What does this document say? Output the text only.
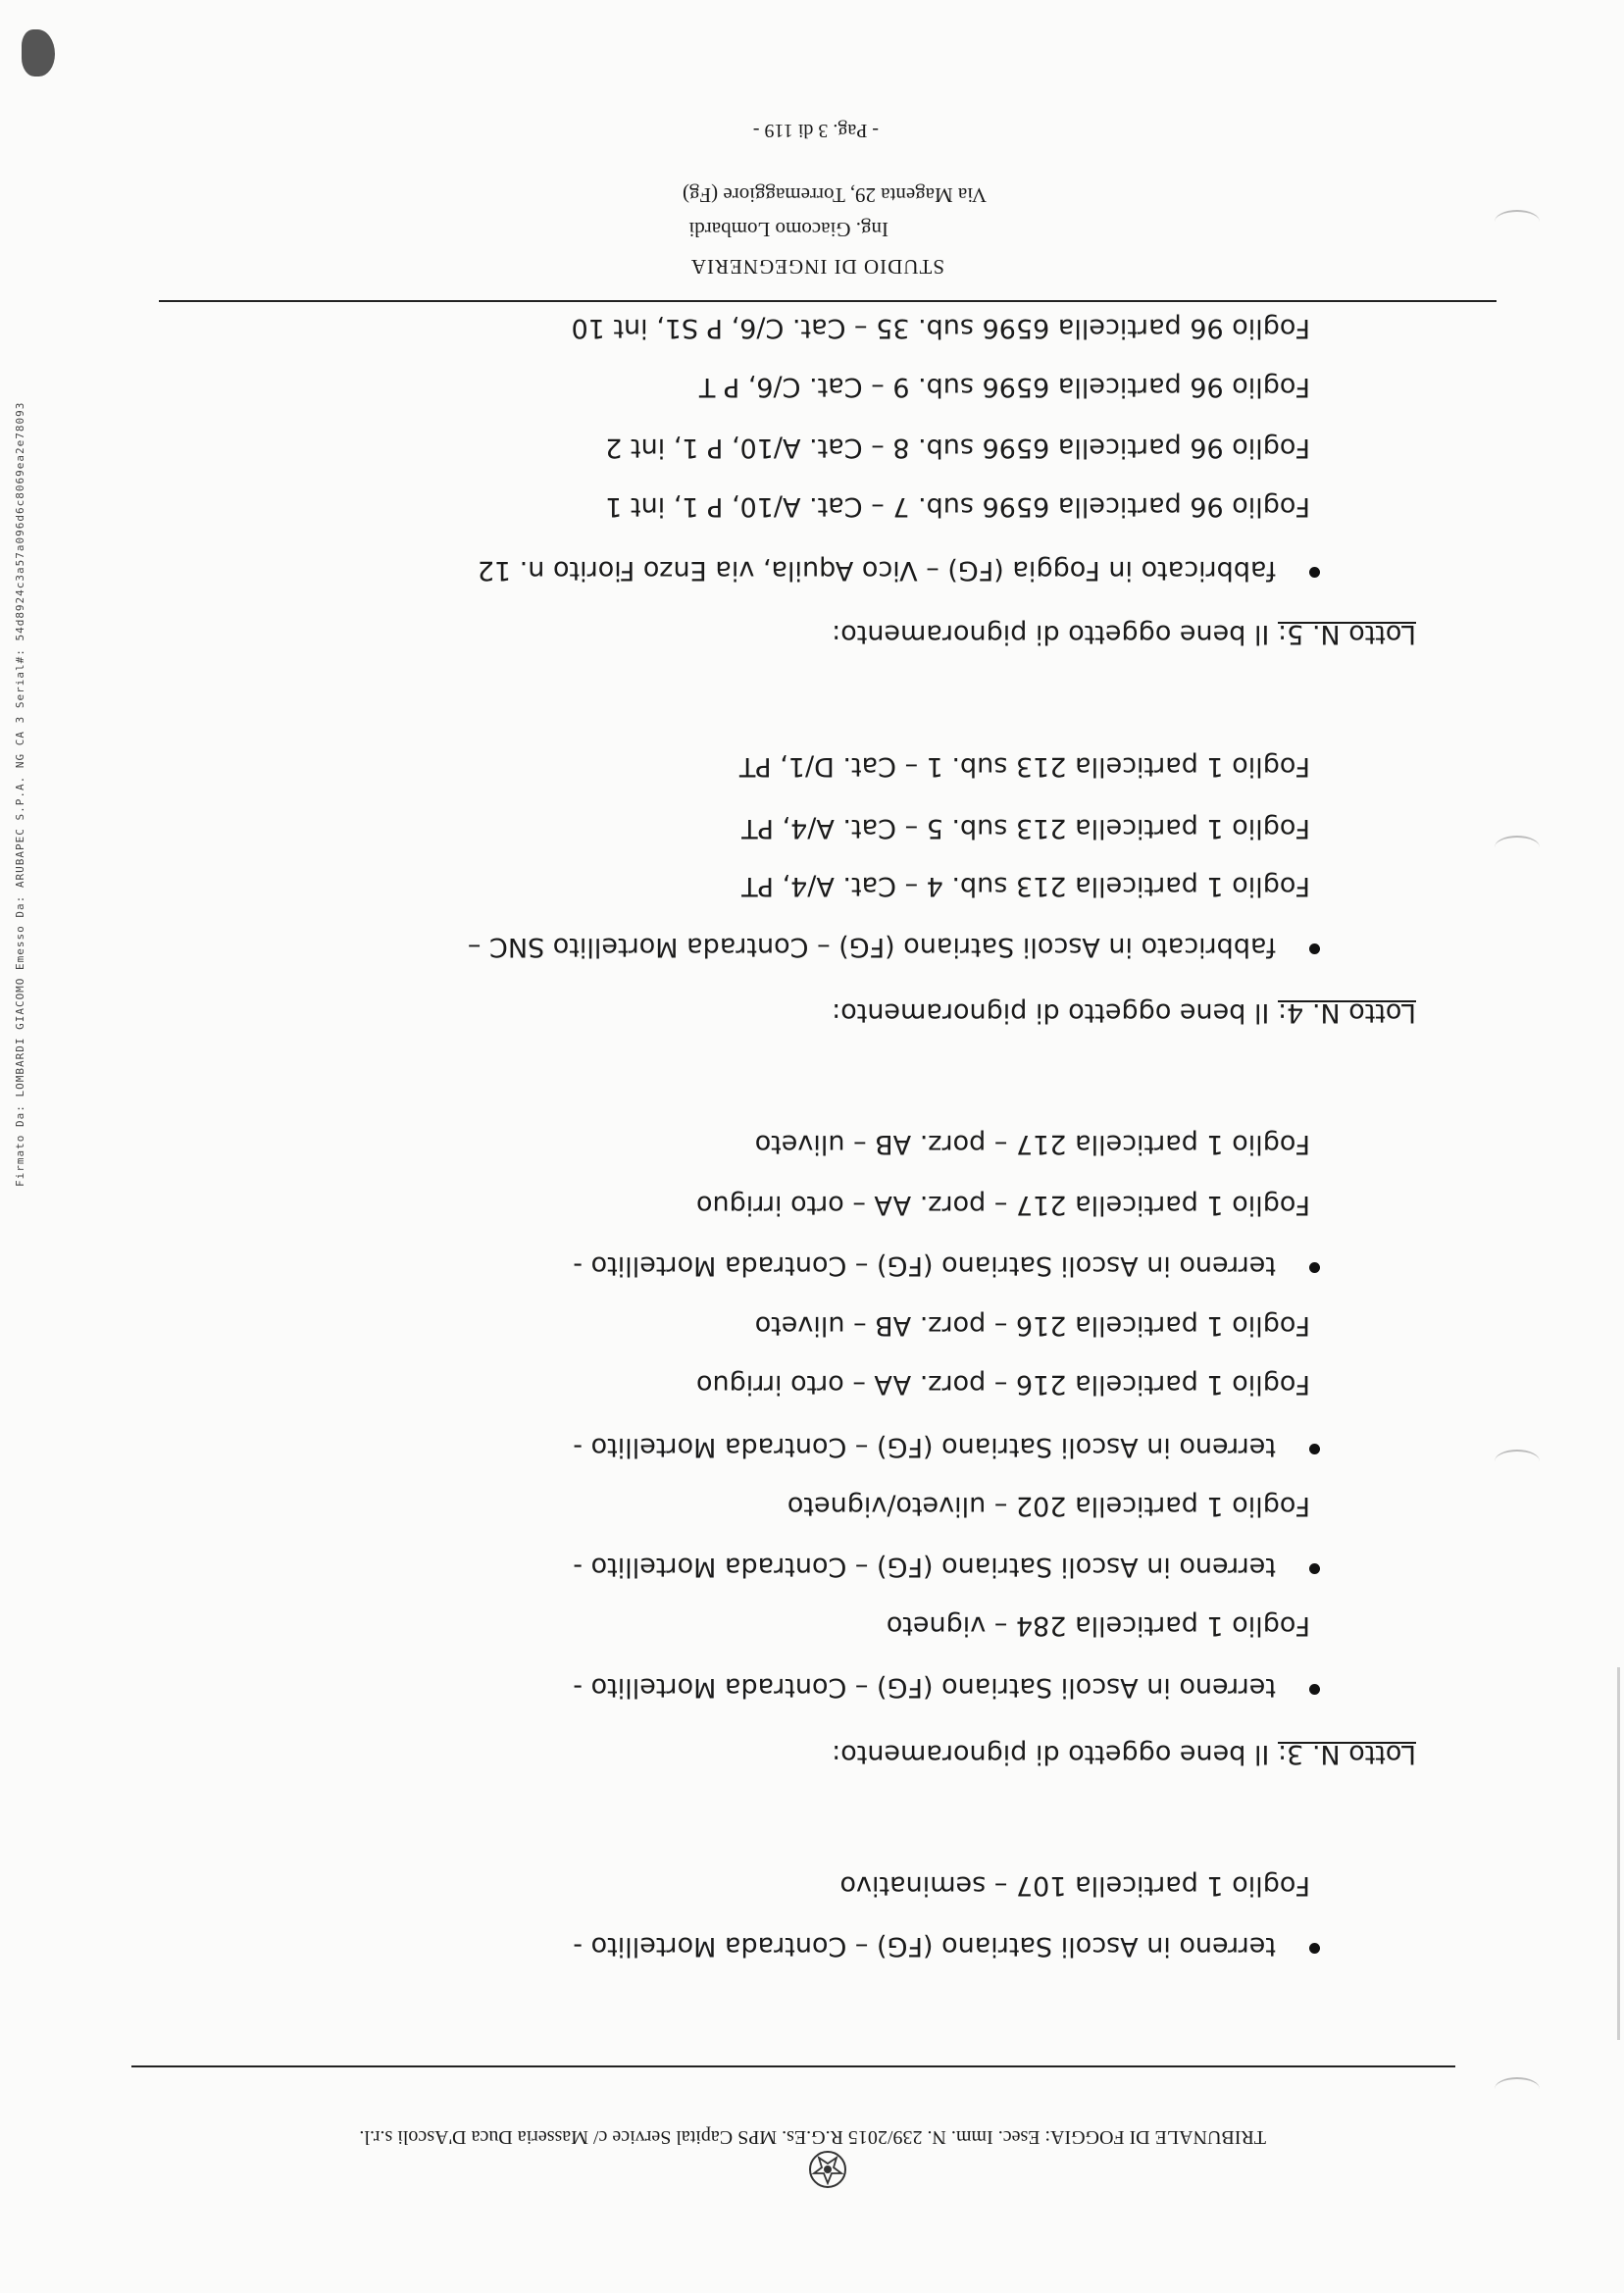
Firmato Da: LOMBARDI GIACOMO Emesso Da: ARUBAPEC S.P.A. NG CA 3 Serial#: 54d8924c3a57a096d6c8069ea2e78093
TRIBUNALE DI FOGGIA: Esec. Imm. N. 239/2015 R.G.Es. MPS Capital Service c/ Masseria Duca D'Ascoli s.r.l.
terreno in Ascoli Satriano (FG) – Contrada Mortellito -
Foglio 1 particella 107 – seminativo
Lotto N. 3: Il bene oggetto di pignoramento:
terreno in Ascoli Satriano (FG) – Contrada Mortellito -
Foglio 1 particella 284 – vigneto
terreno in Ascoli Satriano (FG) – Contrada Mortellito -
Foglio 1 particella 202 – uliveto/vigneto
terreno in Ascoli Satriano (FG) – Contrada Mortellito -
Foglio 1 particella 216 – porz. AA – orto irriguo
Foglio 1 particella 216 – porz. AB – uliveto
terreno in Ascoli Satriano (FG) – Contrada Mortellito -
Foglio 1 particella 217 – porz. AA – orto irriguo
Foglio 1 particella 217 – porz. AB – uliveto
Lotto N. 4: Il bene oggetto di pignoramento:
fabbricato in Ascoli Satriano (FG) – Contrada Mortellito SNC –
Foglio 1 particella 213 sub. 4 – Cat. A/4, PT
Foglio 1 particella 213 sub. 5 – Cat. A/4, PT
Foglio 1 particella 213 sub. 1 – Cat. D/1, PT
Lotto N. 5: Il bene oggetto di pignoramento:
fabbricato in Foggia (FG) – Vico Aquila, via Enzo Fiorito n. 12
Foglio 96 particella 6596 sub. 7 – Cat. A/10, P 1, int 1
Foglio 96 particella 6596 sub. 8 – Cat. A/10, P 1, int 2
Foglio 96 particella 6596 sub. 9 – Cat. C/6, P T
Foglio 96 particella 6596 sub. 35 – Cat. C/6, P S1, int 10
STUDIO DI INGEGNERIA
Ing. Giacomo Lombardi
Via Magenta 29, Torremaggiore (Fg)
- Pag. 3 di 119 -
